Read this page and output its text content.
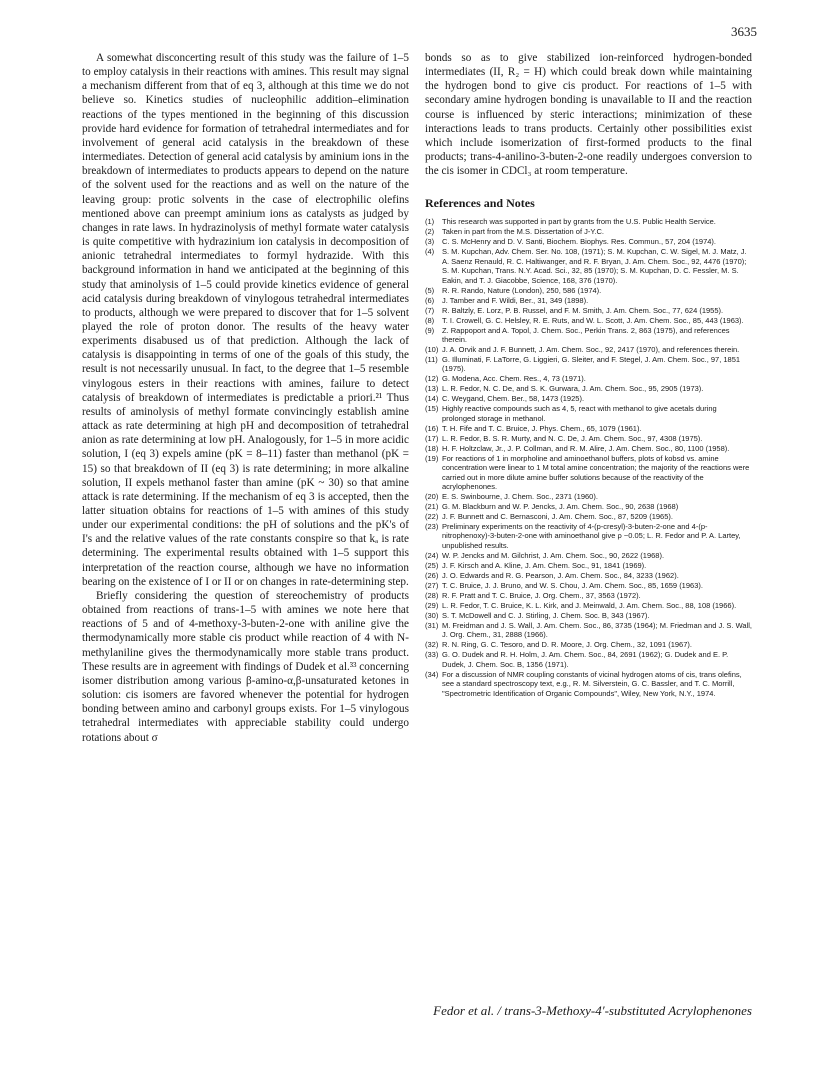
3635

A somewhat disconcerting result of this study was the failure of 1–5 to employ catalysis in their reactions with amines. This result may signal a mechanism different from that of eq 3, although at this time we do not believe so. Kinetics studies of nucleophilic addition–elimination reactions of the types mentioned in the beginning of this discussion provide hard evidence for formation of tetrahedral intermediates and for involvement of general acid catalysis in the breakdown of these intermediates. Detection of general acid catalysis by aminium ions in the breakdown of intermediates to products appears to depend on the nature of the solvent used for the reactions and as well on the nature of the leaving group: protic solvents in the case of electrophilic olefins mentioned above can preempt aminium ions as catalysts as judged by changes in rate laws. In hydrazinolysis of methyl formate water catalysis is quite competitive with hydrazinium ion catalysis in decomposition of anionic tetrahedral intermediates to formyl hydrazide. With this background information in hand we anticipated at the beginning of this study that aminolysis of 1–5 could provide kinetics evidence of general acid catalysis during breakdown of vinylogous tetrahedral intermediates to products, although we were prepared to discover that for 1–5 solvent played the role of proton donor. The results of the heavy water experiments disabused us of that prediction. Although the lack of catalysis is disappointing in terms of one of the goals of this study, the result is not necessarily unusual. In fact, to the degree that 1–5 resemble vinylogous esters in their reactions with amines, failure to detect catalysis of breakdown of intermediates is predictable a priori.²¹ Thus results of aminolysis of methyl formate convincingly establish amine attack as rate determining at high pH and decomposition of tetrahedral anion as rate determining at low pH. Analogously, for 1–5 in more acidic solution, I (eq 3) expels amine (pK = 8–11) faster than methanol (pK = 15) so that breakdown of II (eq 3) is rate determining; in more alkaline solution, II expels methanol faster than amine (pK ~ 30) so that amine attack is rate determining. If the mechanism of eq 3 is accepted, then the latter situation obtains for reactions of 1–5 with amines of this study under our experimental conditions: the pH of solutions and the pK's of I's and the relative values of the rate constants conspire so that kₐ is rate determining. The experimental results obtained with 1–5 support this interpretation of the reaction course, although we have no information bearing on the existence of I or II or on changes in rate-determining step.

Briefly considering the question of stereochemistry of products obtained from reactions of trans-1–5 with amines we note here that reactions of 5 and of 4-methoxy-3-buten-2-one with aniline give the thermodynamically more stable cis product while reaction of 4 with N-methylaniline gives the thermodynamically more stable trans product. These results are in agreement with findings of Dudek et al.³³ concerning isomer distribution among various β-amino-α,β-unsaturated ketones in solution: cis isomers are favored whenever the potential for hydrogen bonding between amino and carbonyl groups exists. For 1–5 vinylogous tetrahedral intermediates with appreciable stability could undergo rotations about σ

bonds so as to give stabilized ion-reinforced hydrogen-bonded intermediates (II, R₂ = H) which could break down while maintaining the hydrogen bond to give cis product. For reactions of 1–5 with secondary amine hydrogen bonding is unavailable to II and the reaction course is influenced by steric interactions; minimization of these interactions leads to trans products. Certainly other possibilities exist which include isomerization of first-formed products to the final products; trans-4-anilino-3-buten-2-one readily undergoes conversion to the cis isomer in CDCl₃ at room temperature.

References and Notes
(1)	This research was supported in part by grants from the U.S. Public Health Service.
(2)	Taken in part from the M.S. Dissertation of J-Y.C.
(3)	C. S. McHenry and D. V. Santi, Biochem. Biophys. Res. Commun., 57, 204 (1974).
(4)	S. M. Kupchan, Adv. Chem. Ser. No. 108, (1971); S. M. Kupchan, C. W. Sigel, M. J. Matz, J. A. Saenz Renauld, R. C. Haltiwanger, and R. F. Bryan, J. Am. Chem. Soc., 92, 4476 (1970); S. M. Kupchan, Trans. N.Y. Acad. Sci., 32, 85 (1970); S. M. Kupchan, D. C. Fessler, M. S. Eakin, and T. J. Giacobbe, Science, 168, 376 (1970).
(5)	R. R. Rando, Nature (London), 250, 586 (1974).
(6)	J. Tamber and F. Wildi, Ber., 31, 349 (1898).
(7)	R. Baltzly, E. Lorz, P. B. Russel, and F. M. Smith, J. Am. Chem. Soc., 77, 624 (1955).
(8)	T. I. Crowell, G. C. Helsley, R. E. Ruts, and W. L. Scott, J. Am. Chem. Soc., 85, 443 (1963).
(9)	Z. Rappoport and A. Topol, J. Chem. Soc., Perkin Trans. 2, 863 (1975), and references therein.
(10) J. A. Orvik and J. F. Bunnett, J. Am. Chem. Soc., 92, 2417 (1970), and references therein.
(11) G. Illuminati, F. LaTorre, G. Liggieri, G. Sleiter, and F. Stegel, J. Am. Chem. Soc., 97, 1851 (1975).
(12) G. Modena, Acc. Chem. Res., 4, 73 (1971).
(13) L. R. Fedor, N. C. De, and S. K. Gurwara, J. Am. Chem. Soc., 95, 2905 (1973).
(14) C. Weygand, Chem. Ber., 58, 1473 (1925).
(15) Highly reactive compounds such as 4, 5, react with methanol to give acetals during prolonged storage in methanol.
(16) T. H. Fife and T. C. Bruice, J. Phys. Chem., 65, 1079 (1961).
(17) L. R. Fedor, B. S. R. Murty, and N. C. De, J. Am. Chem. Soc., 97, 4308 (1975).
(18) H. F. Holtzclaw, Jr., J. P. Collman, and R. M. Alire, J. Am. Chem. Soc., 80, 1100 (1958).
(19) For reactions of 1 in morpholine and aminoethanol buffers, plots of kobsd vs. amine concentration were linear to 1 M total amine concentration; the majority of the reactions were carried out in more dilute amine buffer solutions because of the reactivity of the acrylophenones.
(20) E. S. Swinbourne, J. Chem. Soc., 2371 (1960).
(21) G. M. Blackburn and W. P. Jencks, J. Am. Chem. Soc., 90, 2638 (1968)
(22) J. F. Bunnett and C. Bernasconi, J. Am. Chem. Soc., 87, 5209 (1965).
(23) Preliminary experiments on the reactivity of 4-(p-cresyl)-3-buten-2-one and 4-(p-nitrophenoxy)-3-buten-2-one with aminoethanol give ρ ~0.05; L. R. Fedor and P. A. Lartey, unpublished results.
(24) W. P. Jencks and M. Gilchrist, J. Am. Chem. Soc., 90, 2622 (1968).
(25) J. F. Kirsch and A. Kline, J. Am. Chem. Soc., 91, 1841 (1969).
(26) J. O. Edwards and R. G. Pearson, J. Am. Chem. Soc., 84, 3233 (1962).
(27) T. C. Bruice, J. J. Bruno, and W. S. Chou, J. Am. Chem. Soc., 85, 1659 (1963).
(28) R. F. Pratt and T. C. Bruice, J. Org. Chem., 37, 3563 (1972).
(29) L. R. Fedor, T. C. Bruice, K. L. Kirk, and J. Meinwald, J. Am. Chem. Soc., 88, 108 (1966).
(30) S. T. McDowell and C. J. Stirling, J. Chem. Soc. B, 343 (1967).
(31) M. Freidman and J. S. Wall, J. Am. Chem. Soc., 86, 3735 (1964); M. Friedman and J. S. Wall, J. Org. Chem., 31, 2888 (1966).
(32) R. N. Ring, G. C. Tesoro, and D. R. Moore, J. Org. Chem., 32, 1091 (1967).
(33) G. O. Dudek and R. H. Holm, J. Am. Chem. Soc., 84, 2691 (1962); G. Dudek and E. P. Dudek, J. Chem. Soc. B, 1356 (1971).
(34) For a discussion of NMR coupling constants of vicinal hydrogen atoms of cis, trans olefins, see a standard spectroscopy text, e.g., R. M. Silverstein, G. C. Bassler, and T. C. Morrill, "Spectrometric Identification of Organic Compounds", Wiley, New York, N.Y., 1974.
Fedor et al. / trans-3-Methoxy-4′-substituted Acrylophenones
